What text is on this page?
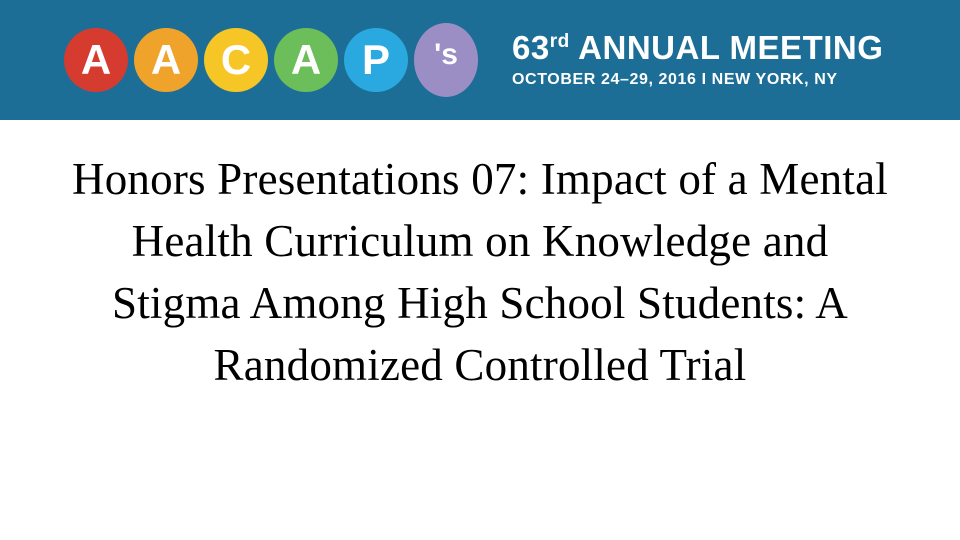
A A C A P	's	63rd ANNUAL MEETING
OCTOBER 24–29, 2016 I NEW YORK, NY
Honors Presentations 07: Impact of a Mental Health Curriculum on Knowledge and Stigma Among High School Students: A Randomized Controlled Trial
